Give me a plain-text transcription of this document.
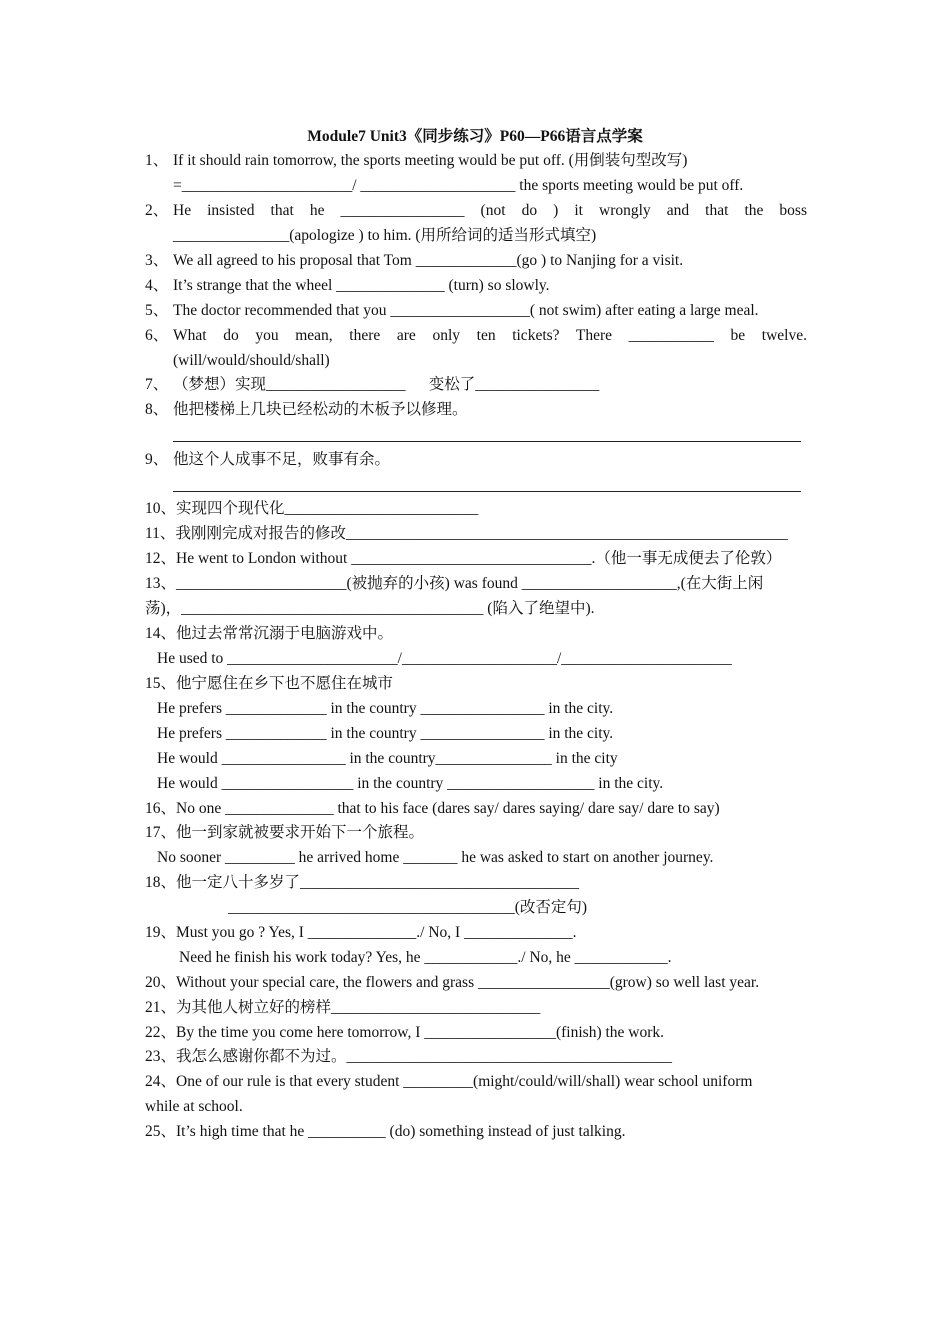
Module7 Unit3《同步练习》P60—P66语言点学案
1、 If it should rain tomorrow, the sports meeting would be put off. (用倒装句型改写)
=______________________/ ____________________ the sports meeting would be put off.
2、 He insisted that he ________________ (not do ) it wrongly and that the boss
_______________(apologize ) to him. (用所给词的适当形式填空)
3、 We all agreed to his proposal that Tom _____________(go ) to Nanjing for a visit.
4、 It’s strange that the wheel ______________ (turn) so slowly.
5、 The doctor recommended that you __________________( not swim) after eating a large meal.
6、 What do you mean, there are only ten tickets? There ___________ be twelve.
(will/would/should/shall)
7、 （梦想）实现__________________      变松了________________
8、 他把楼梯上几块已经松动的木板予以修理。
9、 他这个人成事不足，败事有余。
10、实现四个现代化_________________________
11、我刚刚完成对报告的修改_________________________________________________________
12、He went to London without _______________________________.（他一事无成便去了伦敦）
13、______________________(被抛弃的小孩) was found ____________________,(在大街上闲
荡)，_______________________________________ (陷入了绝望中).
14、他过去常常沉溺于电脑游戏中。
He used to ______________________/____________________/______________________
15、他宁愿住在乡下也不愿住在城市
He prefers _____________ in the country ________________ in the city.
He prefers _____________ in the country ________________ in the city.
He would ________________ in the country_______________ in the city
He would _________________ in the country ___________________ in the city.
16、No one ______________ that to his face (dares say/ dares saying/ dare say/ dare to say)
17、他一到家就被要求开始下一个旅程。
No sooner _________ he arrived home _______ he was asked to start on another journey.
18、他一定八十多岁了____________________________________
_____________________________________(改否定句)
19、Must you go ? Yes, I ______________./ No, I ______________.
Need he finish his work today? Yes, he ____________./ No, he ____________.
20、Without your special care, the flowers and grass _________________(grow) so well last year.
21、为其他人树立好的榜样___________________________
22、By the time you come here tomorrow, I _________________(finish) the work.
23、我怎么感谢你都不为过。__________________________________________
24、One of our rule is that every student _________(might/could/will/shall) wear school uniform
while at school.
25、It’s high time that he __________ (do) something instead of just talking.
